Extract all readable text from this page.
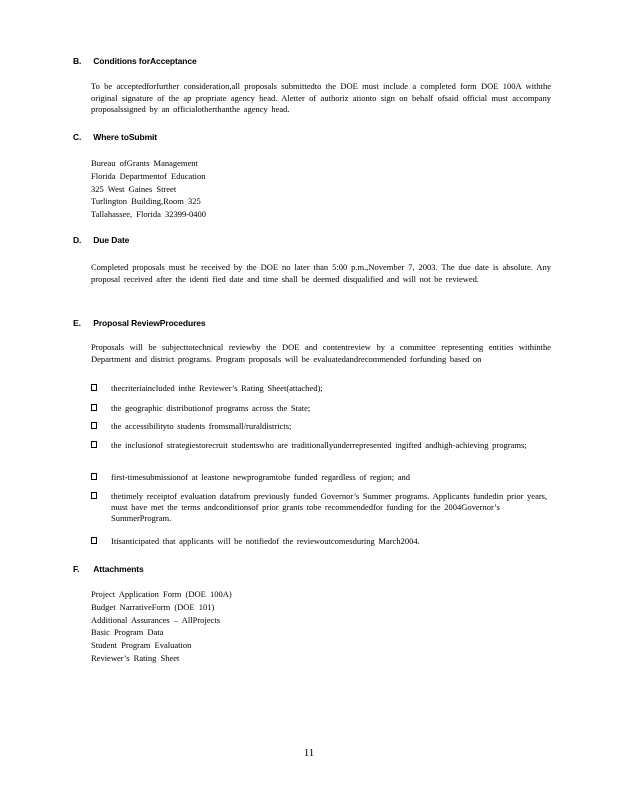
B. Conditions forAcceptance
To be acceptedforfurther consideration,all proposals submittedto the DOE must include a completed form DOE 100A withthe original signature of the ap propriate agency head. Aletter of authoriz ationto sign on behalf ofsaid official must accompany proposalssigned by an officialotherthanthe agency head.
C. Where toSubmit
Bureau ofGrants Management
Florida Departmentof Education
325 West Gaines Street
Turlington Building,Room 325
Tallahassee, Florida 32399-0400
D. Due Date
Completed proposals must be received by the DOE no later than 5:00 p.m.,November 7, 2003. The due date is absolute. Any proposal received after the identi fied date and time shall be deemed disqualified and will not be reviewed.
E. Proposal ReviewProcedures
Proposals will be subjecttotechnical reviewby the DOE and contentreview by a committee representing entities withinthe Department and district programs. Program proposals will be evaluatedandrecommended forfunding based on
thecriteriaincluded inthe Reviewer’s Rating Sheet(attached);
the geographic distributionof programs across the State;
the accessibilityto students fromsmall/ruraldistricts;
the inclusionof strategiestorecruit studentswho are traditionallyunderrepresented ingifted andhigh-achieving programs;
first-timesubmissionof at leastone newprogramtobe funded regardless of region; and
thetimely receiptof evaluation datafrom previously funded Governor’s Summer programs. Applicants fundedin prior years, must have met the terms andconditionsof prior grants tobe recommendedfor funding for the 2004Governor’s SummerProgram.
Itisanticipated that applicants will be notifiedof the reviewoutcomesduring March2004.
F. Attachments
Project Application Form (DOE 100A)
Budget NarrativeForm (DOE 101)
Additional Assurances – AllProjects
Basic Program Data
Student Program Evaluation
Reviewer’s Rating Sheet
11
